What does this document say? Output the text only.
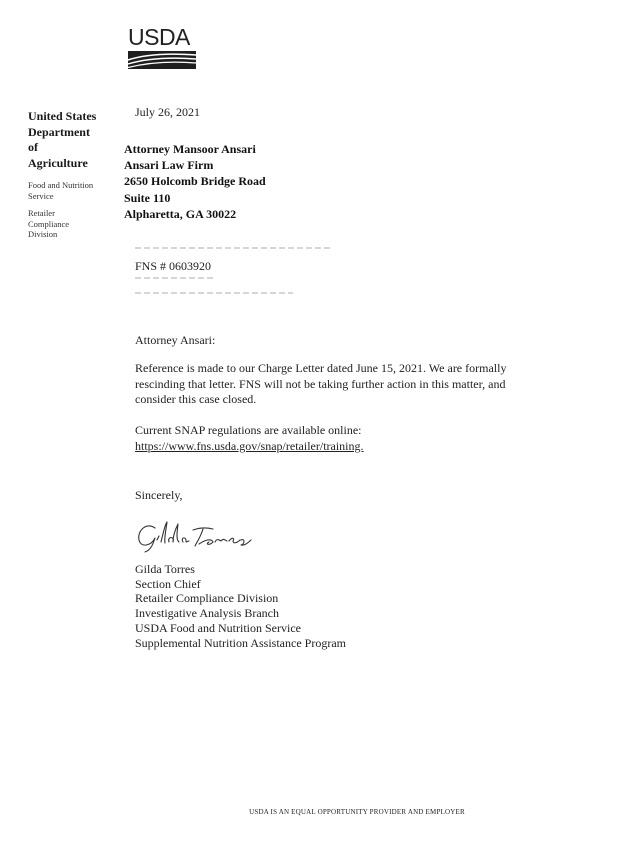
USDA
United States
Department
of
Agriculture
Food and Nutrition
Service
Retailer
Compliance
Division
July 26, 2021
Attorney Mansoor Ansari
Ansari Law Firm
2650 Holcomb Bridge Road
Suite 110
Alpharetta, GA 30022
FNS # 0603920
Attorney Ansari:
Reference is made to our Charge Letter dated June 15, 2021. We are formally rescinding that letter. FNS will not be taking further action in this matter, and consider this case closed.
Current SNAP regulations are available online:
https://www.fns.usda.gov/snap/retailer/training.
Sincerely,
Gilda Torres
Section Chief
Retailer Compliance Division
Investigative Analysis Branch
USDA Food and Nutrition Service
Supplemental Nutrition Assistance Program
USDA IS AN EQUAL OPPORTUNITY PROVIDER AND EMPLOYER
